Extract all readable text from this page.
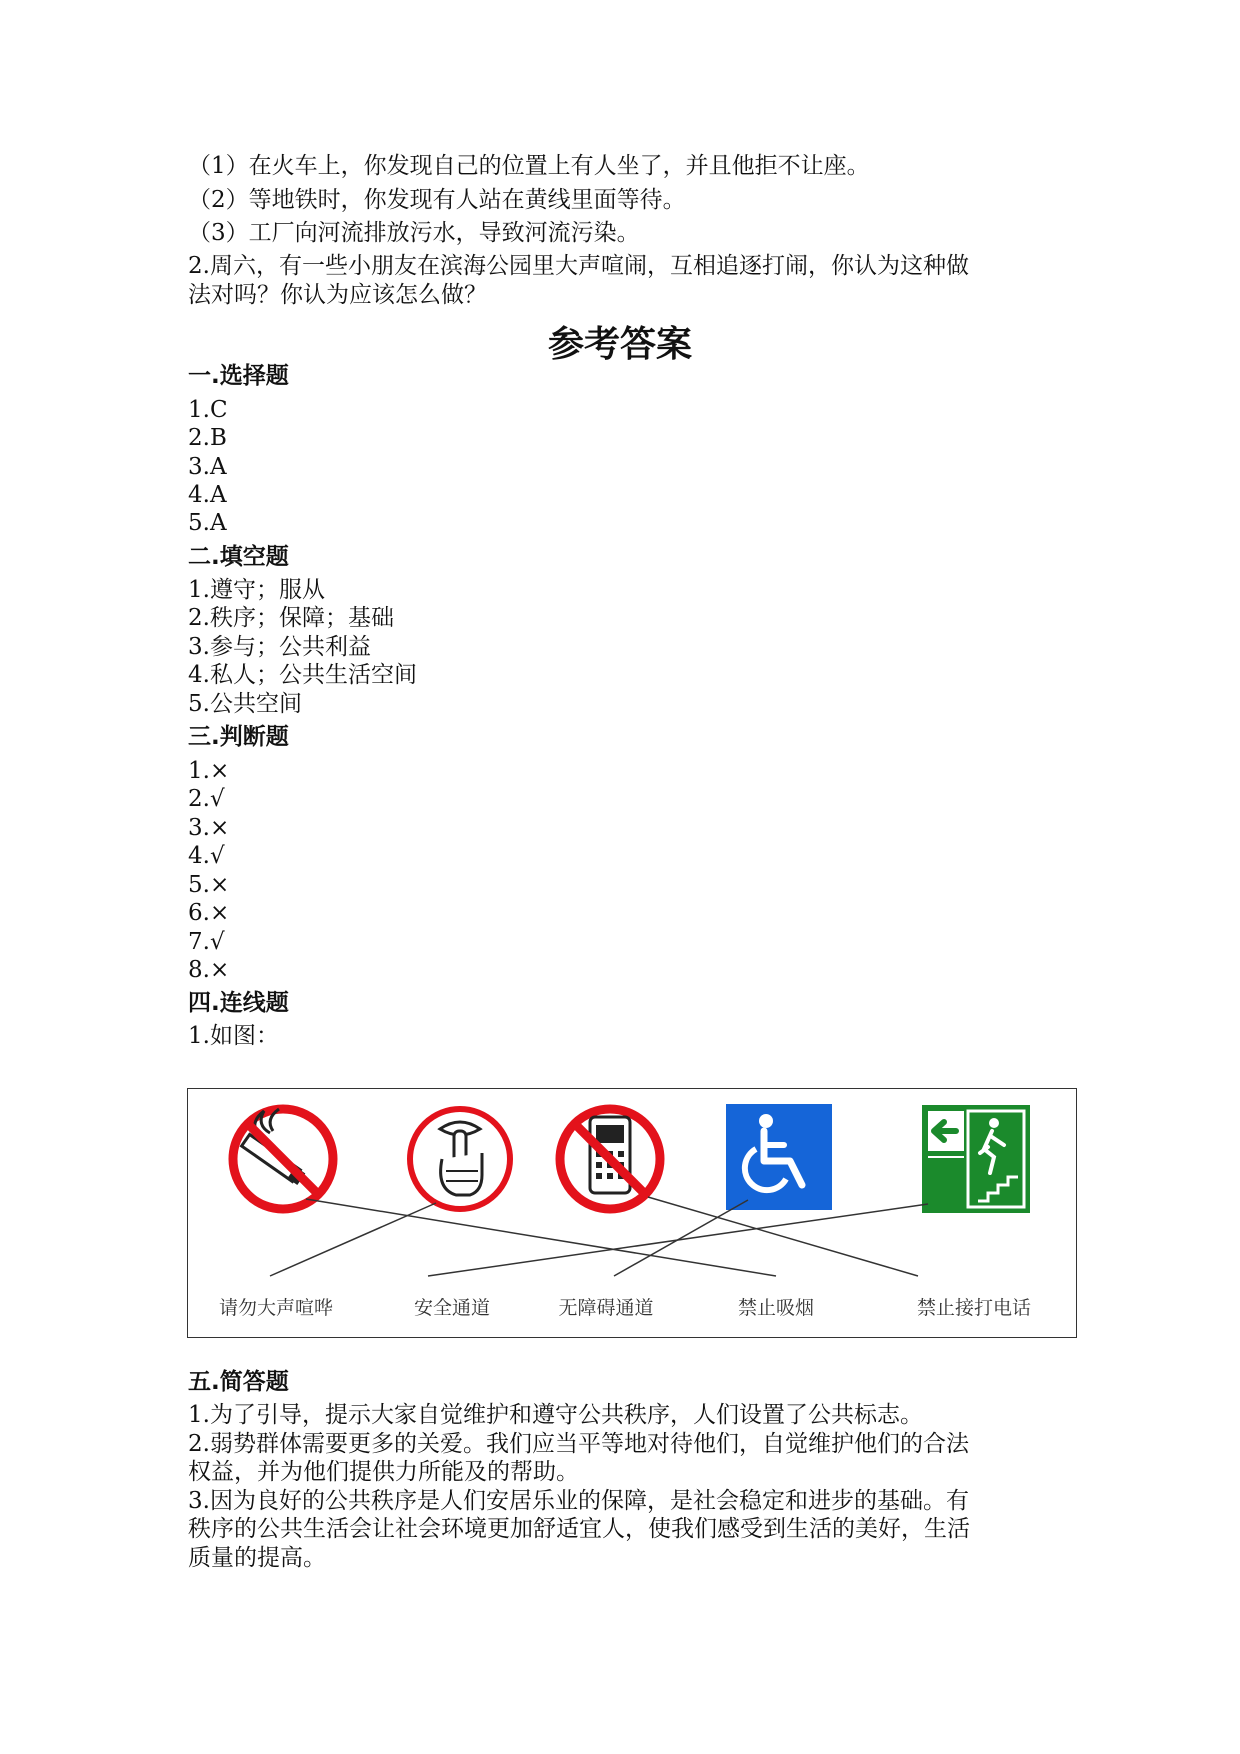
（1）在火车上，你发现自己的位置上有人坐了，并且他拒不让座。
（2）等地铁时，你发现有人站在黄线里面等待。
（3）工厂向河流排放污水，导致河流污染。
2.周六，有一些小朋友在滨海公园里大声喧闹，互相追逐打闹，你认为这种做
法对吗？你认为应该怎么做？
参考答案
一.选择题
1.C
2.B
3.A
4.A
5.A
二.填空题
1.遵守；服从
2.秩序；保障；基础
3.参与；公共利益
4.私人；公共生活空间
5.公共空间
三.判断题
1.×
2.√
3.×
4.√
5.×
6.×
7.√
8.×
四.连线题
1.如图：
请勿大声喧哗	安全通道	无障碍通道	禁止吸烟	禁止接打电话
五.简答题
1.为了引导，提示大家自觉维护和遵守公共秩序，人们设置了公共标志。
2.弱势群体需要更多的关爱。我们应当平等地对待他们，自觉维护他们的合法
权益，并为他们提供力所能及的帮助。
3.因为良好的公共秩序是人们安居乐业的保障，是社会稳定和进步的基础。有
秩序的公共生活会让社会环境更加舒适宜人，使我们感受到生活的美好，生活
质量的提高。
